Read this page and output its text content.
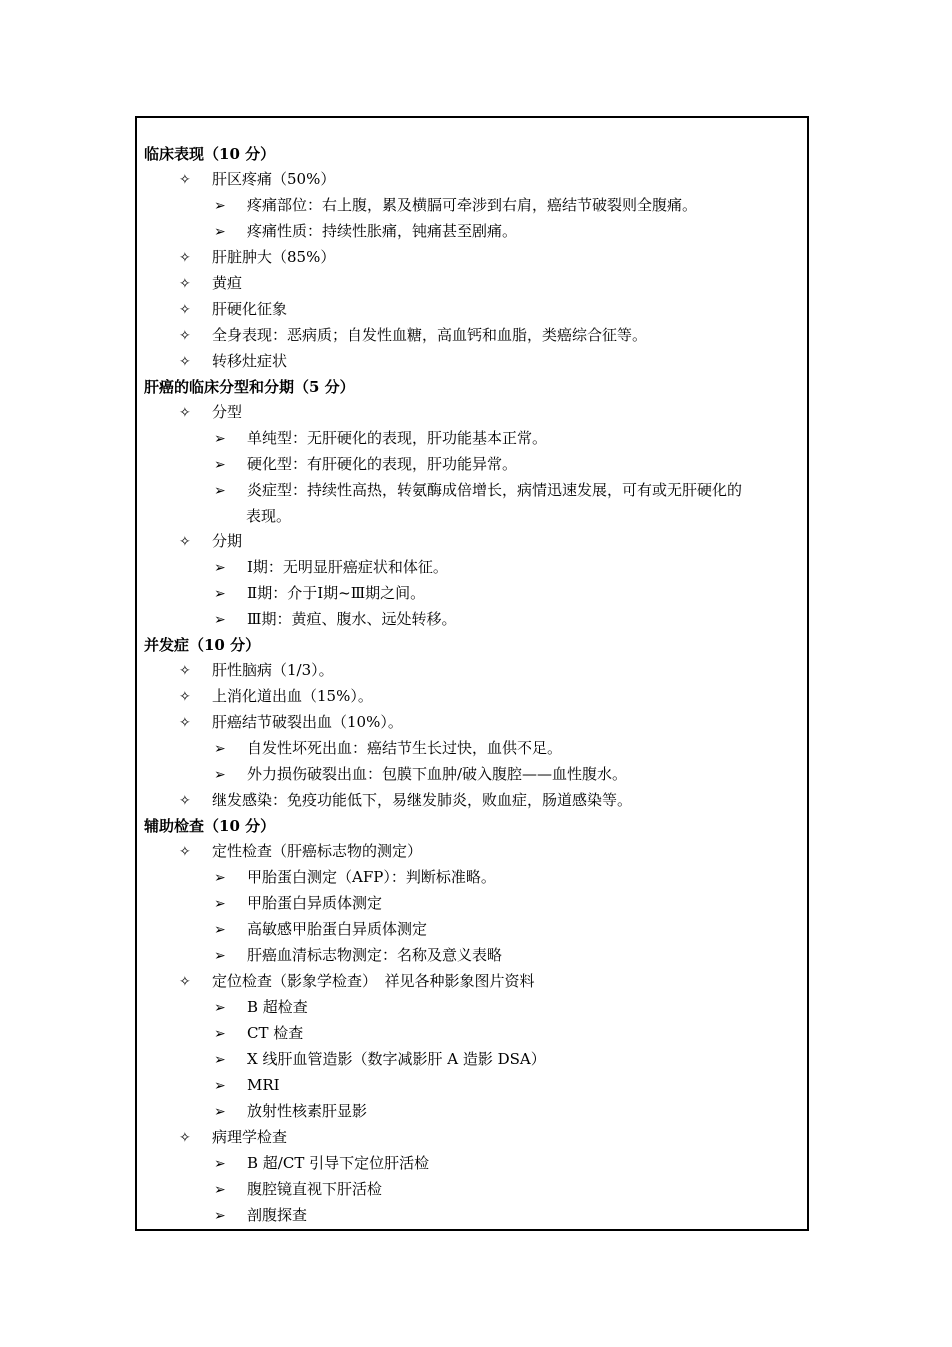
临床表现（10 分）
✧ 肝区疼痛（50%）
➢ 疼痛部位：右上腹，累及横膈可牵涉到右肩，癌结节破裂则全腹痛。
➢ 疼痛性质：持续性胀痛，钝痛甚至剧痛。
✧ 肝脏肿大（85%）
✧ 黄疸
✧ 肝硬化征象
✧ 全身表现：恶病质；自发性血糖，高血钙和血脂，类癌综合征等。
✧ 转移灶症状
肝癌的临床分型和分期（5 分）
✧ 分型
➢ 单纯型：无肝硬化的表现，肝功能基本正常。
➢ 硬化型：有肝硬化的表现，肝功能异常。
➢ 炎症型：持续性高热，转氨酶成倍增长，病情迅速发展，可有或无肝硬化的
表现。
✧ 分期
➢ Ⅰ期：无明显肝癌症状和体征。
➢ Ⅱ期：介于Ⅰ期~Ⅲ期之间。
➢ Ⅲ期：黄疸、腹水、远处转移。
并发症（10 分）
✧ 肝性脑病（1/3）。
✧ 上消化道出血（15%）。
✧ 肝癌结节破裂出血（10%）。
➢ 自发性坏死出血：癌结节生长过快，血供不足。
➢ 外力损伤破裂出血：包膜下血肿/破入腹腔——血性腹水。
✧ 继发感染：免疫功能低下，易继发肺炎，败血症，肠道感染等。
辅助检查（10 分）
✧ 定性检查（肝癌标志物的测定）
➢ 甲胎蛋白测定（AFP）：判断标准略。
➢ 甲胎蛋白异质体测定
➢ 高敏感甲胎蛋白异质体测定
➢ 肝癌血清标志物测定：名称及意义表略
✧ 定位检查（影象学检查）　祥见各种影象图片资料
➢ B 超检查
➢ CT 检查
➢ X 线肝血管造影（数字减影肝 A 造影 DSA）
➢ MRI
➢ 放射性核素肝显影
✧ 病理学检查
➢ B 超/CT 引导下定位肝活检
➢ 腹腔镜直视下肝活检
➢ 剖腹探查
